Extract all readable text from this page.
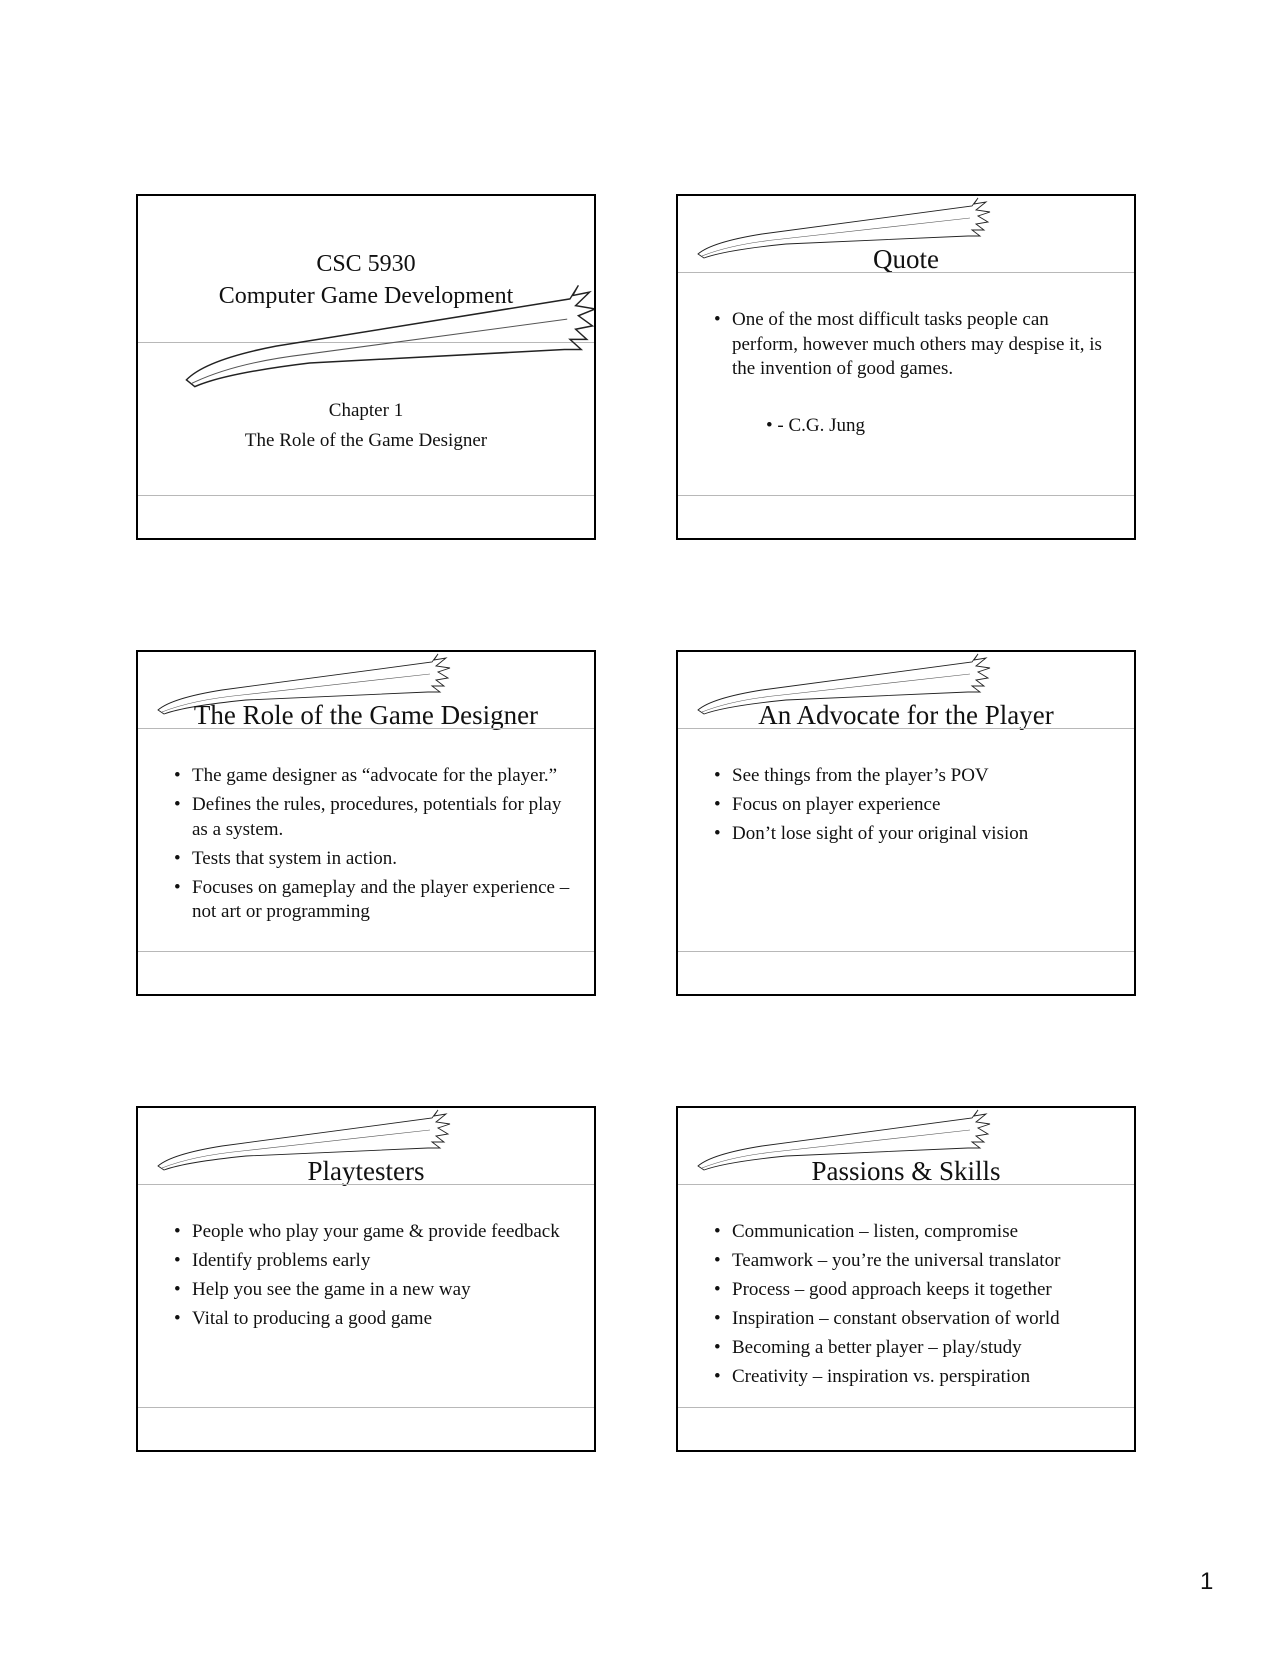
CSC 5930
Computer Game Development
Chapter 1
The Role of the Game Designer
Quote
• One of the most difficult tasks people can perform, however much others may despise it, is the invention of good games.
• - C.G. Jung
The Role of the Game Designer
• The game designer as “advocate for the player.”
• Defines the rules, procedures, potentials for play as a system.
• Tests that system in action.
• Focuses on gameplay and the player experience – not art or programming
An Advocate for the Player
• See things from the player’s POV
• Focus on player experience
• Don’t lose sight of your original vision
Playtesters
• People who play your game & provide feedback
• Identify problems early
• Help you see the game in a new way
• Vital to producing a good game
Passions & Skills
• Communication – listen, compromise
• Teamwork – you’re the universal translator
• Process – good approach keeps it together
• Inspiration – constant observation of world
• Becoming a better player – play/study
• Creativity – inspiration vs. perspiration
1
